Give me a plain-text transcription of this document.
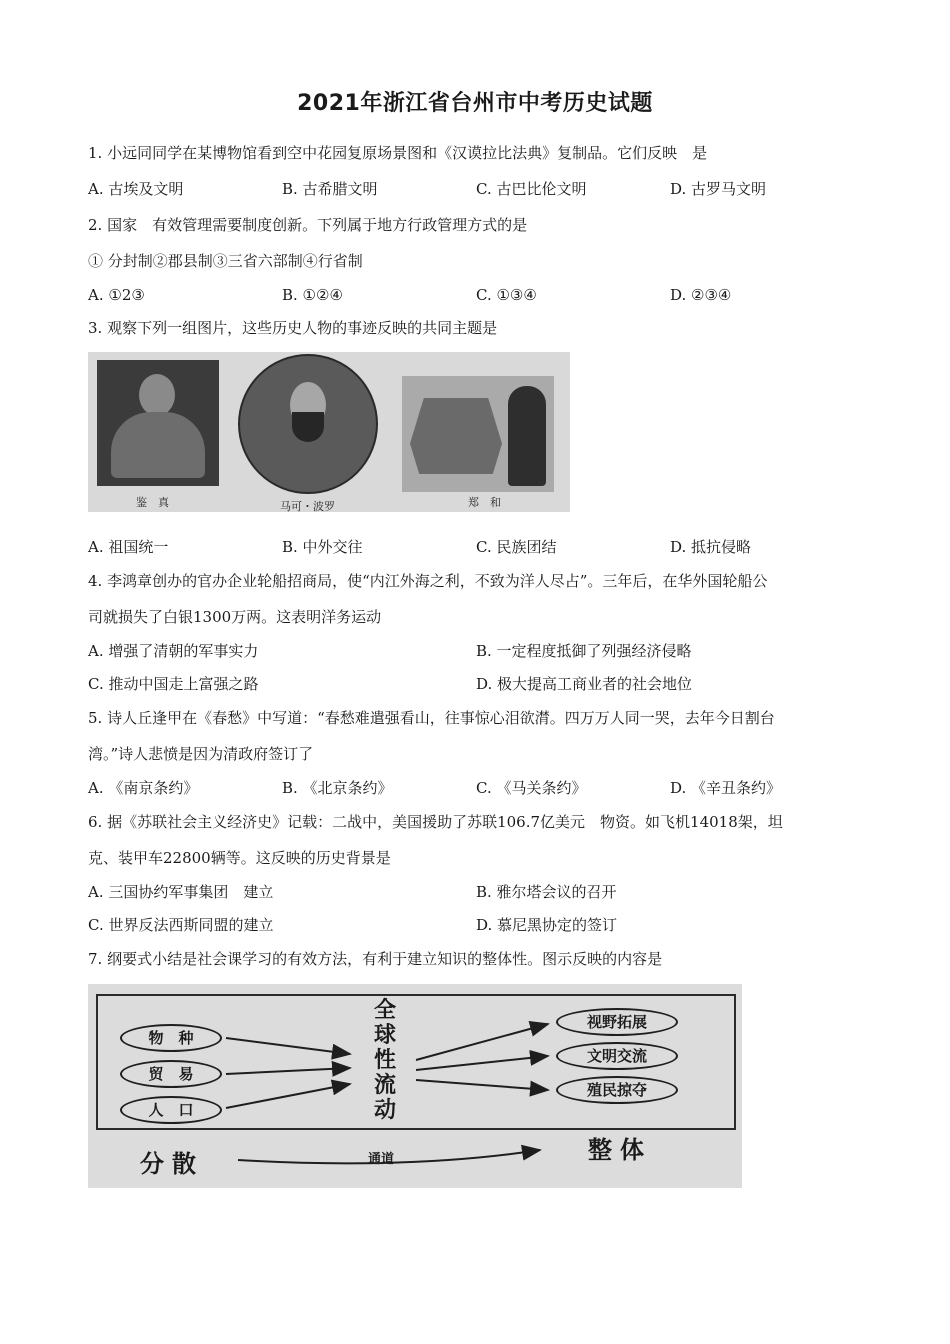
2021年浙江省台州市中考历史试题
1. 小远同同学在某博物馆看到空中花园复原场景图和《汉谟拉比法典》复制品。它们反映　是
A. 古埃及文明	B. 古希腊文明	C. 古巴比伦文明	D. 古罗马文明
2. 国家　有效管理需要制度创新。下列属于地方行政管理方式的是
① 分封制②郡县制③三省六部制④行省制
A. ①2③	B. ①②④	C. ①③④	D. ②③④
3. 观察下列一组图片，这些历史人物的事迹反映的共同主题是
鉴　真	马可・波罗	郑　和
A. 祖国统一	B. 中外交往	C. 民族团结	D. 抵抗侵略
4. 李鸿章创办的官办企业轮船招商局，使“内江外海之利，不致为洋人尽占”。三年后，在华外国轮船公
司就损失了白银1300万两。这表明洋务运动
A. 增强了清朝的军事实力	B. 一定程度抵御了列强经济侵略
C. 推动中国走上富强之路	D. 极大提高工商业者的社会地位
5. 诗人丘逢甲在《春愁》中写道：“春愁难遣强看山，往事惊心泪欲潸。四万万人同一哭，去年今日割台
湾。”诗人悲愤是因为清政府签订了
A. 《南京条约》	B. 《北京条约》	C. 《马关条约》	D. 《辛丑条约》
6. 据《苏联社会主义经济史》记载：二战中，美国援助了苏联106.7亿美元　物资。如飞机14018架，坦
克、装甲车22800辆等。这反映的历史背景是
A. 三国协约军事集团　建立	B. 雅尔塔会议的召开
C. 世界反法西斯同盟的建立	D. 慕尼黑协定的签订
7. 纲要式小结是社会课学习的有效方法，有利于建立知识的整体性。图示反映的内容是
物　种
贸　易
人　口
全球性流动
视野拓展
文明交流
殖民掠夺
分散	通道	整体
